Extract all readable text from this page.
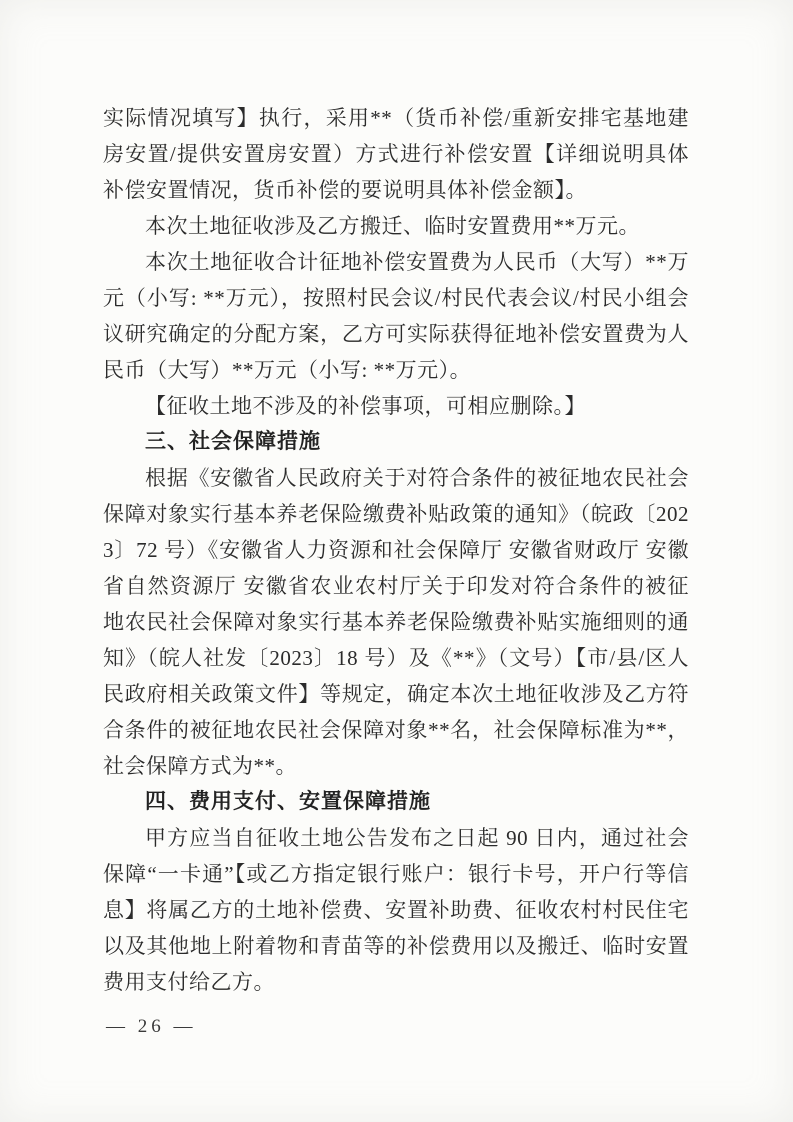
实际情况填写】执行，采用**（货币补偿/重新安排宅基地建房安置/提供安置房安置）方式进行补偿安置【详细说明具体补偿安置情况，货币补偿的要说明具体补偿金额】。

本次土地征收涉及乙方搬迁、临时安置费用**万元。

本次土地征收合计征地补偿安置费为人民币（大写）**万元（小写: **万元），按照村民会议/村民代表会议/村民小组会议研究确定的分配方案，乙方可实际获得征地补偿安置费为人民币（大写）**万元（小写: **万元）。

【征收土地不涉及的补偿事项，可相应删除。】

三、社会保障措施

根据《安徽省人民政府关于对符合条件的被征地农民社会保障对象实行基本养老保险缴费补贴政策的通知》（皖政〔2023〕72 号）《安徽省人力资源和社会保障厅 安徽省财政厅 安徽省自然资源厅 安徽省农业农村厅关于印发对符合条件的被征地农民社会保障对象实行基本养老保险缴费补贴实施细则的通知》（皖人社发〔2023〕18 号）及《**》（文号）【市/县/区人民政府相关政策文件】等规定，确定本次土地征收涉及乙方符合条件的被征地农民社会保障对象**名，社会保障标准为**，社会保障方式为**。

四、费用支付、安置保障措施

甲方应当自征收土地公告发布之日起 90 日内，通过社会保障“一卡通”【或乙方指定银行账户：银行卡号，开户行等信息】将属乙方的土地补偿费、安置补助费、征收农村村民住宅以及其他地上附着物和青苗等的补偿费用以及搬迁、临时安置费用支付给乙方。

— 26 —
